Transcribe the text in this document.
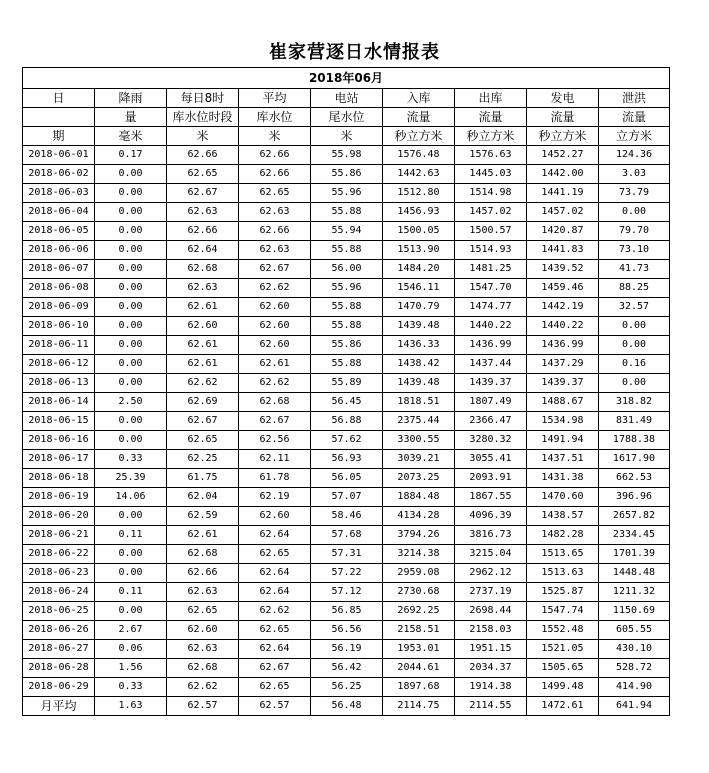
崔家营逐日水情报表
2018年06月								
日	降雨	每日8时	平均	电站	入库	出库	发电	泄洪
	量	库水位时段	库水位	尾水位	流量	流量	流量	流量
期	毫米	米	米	米	秒立方米	秒立方米	秒立方米	立方米
2018-06-01	0.17	62.66	62.66	55.98	1576.48	1576.63	1452.27	124.36
2018-06-02	0.00	62.65	62.66	55.86	1442.63	1445.03	1442.00	3.03
2018-06-03	0.00	62.67	62.65	55.96	1512.80	1514.98	1441.19	73.79
2018-06-04	0.00	62.63	62.63	55.88	1456.93	1457.02	1457.02	0.00
2018-06-05	0.00	62.66	62.66	55.94	1500.05	1500.57	1420.87	79.70
2018-06-06	0.00	62.64	62.63	55.88	1513.90	1514.93	1441.83	73.10
2018-06-07	0.00	62.68	62.67	56.00	1484.20	1481.25	1439.52	41.73
2018-06-08	0.00	62.63	62.62	55.96	1546.11	1547.70	1459.46	88.25
2018-06-09	0.00	62.61	62.60	55.88	1470.79	1474.77	1442.19	32.57
2018-06-10	0.00	62.60	62.60	55.88	1439.48	1440.22	1440.22	0.00
2018-06-11	0.00	62.61	62.60	55.86	1436.33	1436.99	1436.99	0.00
2018-06-12	0.00	62.61	62.61	55.88	1438.42	1437.44	1437.29	0.16
2018-06-13	0.00	62.62	62.62	55.89	1439.48	1439.37	1439.37	0.00
2018-06-14	2.50	62.69	62.68	56.45	1818.51	1807.49	1488.67	318.82
2018-06-15	0.00	62.67	62.67	56.88	2375.44	2366.47	1534.98	831.49
2018-06-16	0.00	62.65	62.56	57.62	3300.55	3280.32	1491.94	1788.38
2018-06-17	0.33	62.25	62.11	56.93	3039.21	3055.41	1437.51	1617.90
2018-06-18	25.39	61.75	61.78	56.05	2073.25	2093.91	1431.38	662.53
2018-06-19	14.06	62.04	62.19	57.07	1884.48	1867.55	1470.60	396.96
2018-06-20	0.00	62.59	62.60	58.46	4134.28	4096.39	1438.57	2657.82
2018-06-21	0.11	62.61	62.64	57.68	3794.26	3816.73	1482.28	2334.45
2018-06-22	0.00	62.68	62.65	57.31	3214.38	3215.04	1513.65	1701.39
2018-06-23	0.00	62.66	62.64	57.22	2959.08	2962.12	1513.63	1448.48
2018-06-24	0.11	62.63	62.64	57.12	2730.68	2737.19	1525.87	1211.32
2018-06-25	0.00	62.65	62.62	56.85	2692.25	2698.44	1547.74	1150.69
2018-06-26	2.67	62.60	62.65	56.56	2158.51	2158.03	1552.48	605.55
2018-06-27	0.06	62.63	62.64	56.19	1953.01	1951.15	1521.05	430.10
2018-06-28	1.56	62.68	62.67	56.42	2044.61	2034.37	1505.65	528.72
2018-06-29	0.33	62.62	62.65	56.25	1897.68	1914.38	1499.48	414.90
月平均	1.63	62.57	62.57	56.48	2114.75	2114.55	1472.61	641.94
